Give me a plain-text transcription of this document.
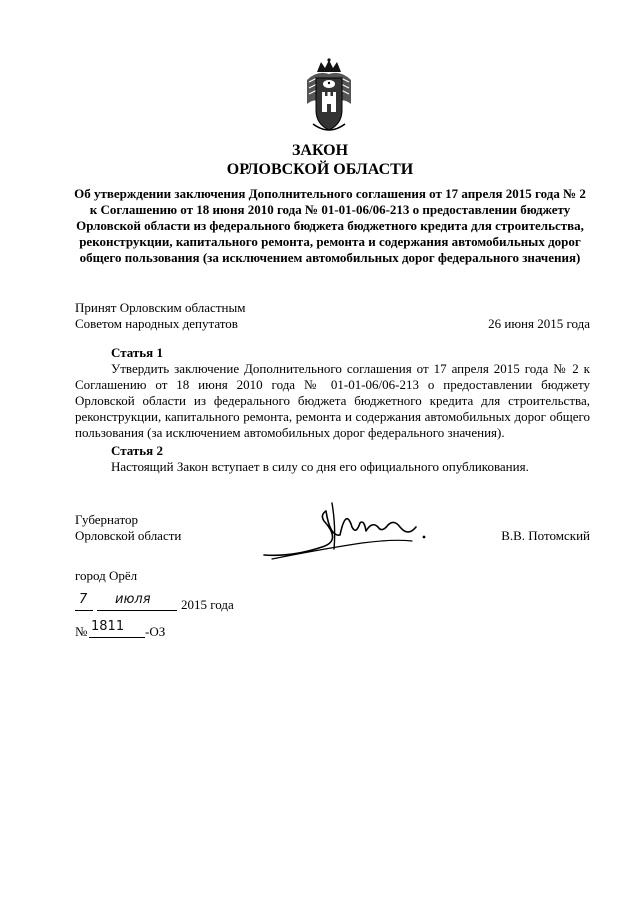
ЗАКОН
ОРЛОВСКОЙ ОБЛАСТИ
Об утверждении заключения Дополнительного соглашения от 17 апреля 2015 года № 2 к Соглашению от 18 июня 2010 года № 01-01-06/06-213 о предоставлении бюджету Орловской области из федерального бюджета бюджетного кредита для строительства, реконструкции, капитального ремонта, ремонта и содержания автомобильных дорог общего пользования (за исключением автомобильных дорог федерального значения)
Принят Орловским областным
Советом народных депутатов	26 июня 2015 года
Статья 1
Утвердить заключение Дополнительного соглашения от 17 апреля 2015 года № 2 к Соглашению от 18 июня 2010 года № 01-01-06/06-213 о предоставлении бюджету Орловской области из федерального бюджета бюджетного кредита для строительства, реконструкции, капитального ремонта, ремонта и содержания автомобильных дорог общего пользования (за исключением автомобильных дорог федерального значения).
Статья 2
Настоящий Закон вступает в силу со дня его официального опубликования.
Губернатор
Орловской области	В.В. Потомский
город Орёл
7 июля 2015 года
№ 1811 -ОЗ
